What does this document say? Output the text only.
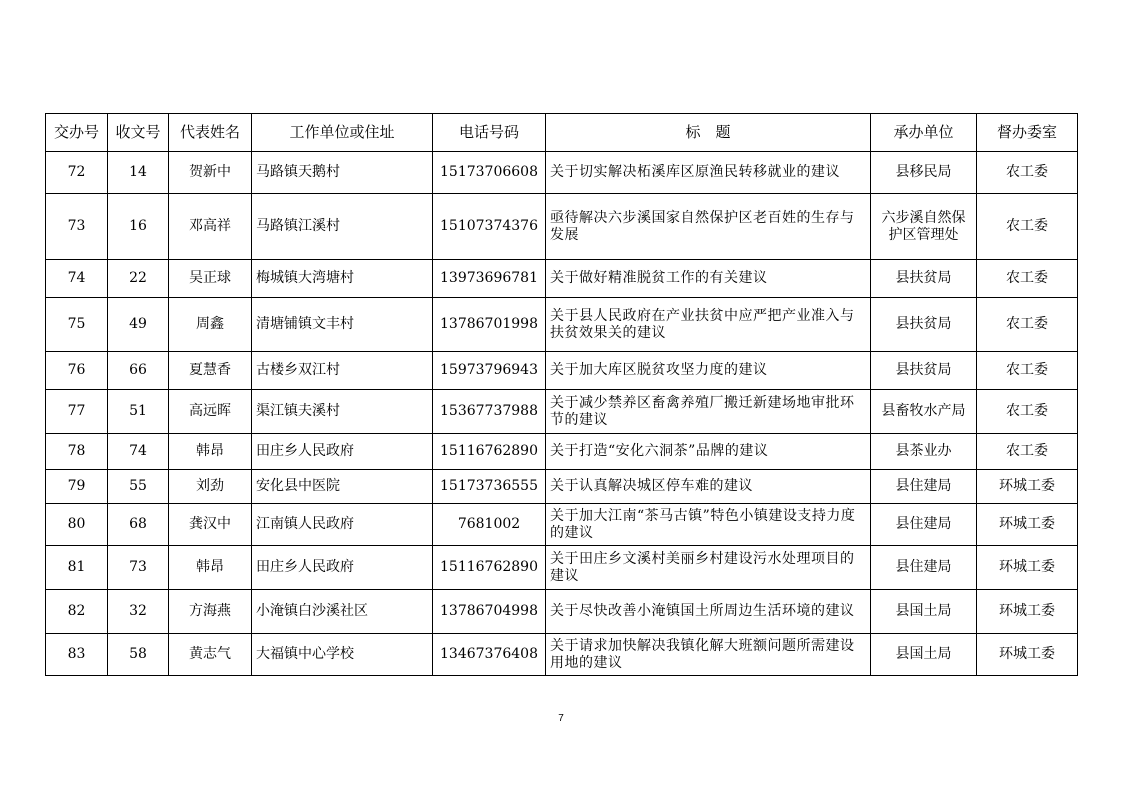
交办号	收文号	代表姓名	工作单位或住址	电话号码	标　题	承办单位	督办委室
72	14	贺新中	马路镇天鹅村	15173706608	关于切实解决柘溪库区原渔民转移就业的建议	县移民局	农工委
73	16	邓高祥	马路镇江溪村	15107374376	亟待解决六步溪国家自然保护区老百姓的生存与发展	六步溪自然保护区管理处	农工委
74	22	吴正球	梅城镇大湾塘村	13973696781	关于做好精准脱贫工作的有关建议	县扶贫局	农工委
75	49	周鑫	清塘铺镇文丰村	13786701998	关于县人民政府在产业扶贫中应严把产业准入与扶贫效果关的建议	县扶贫局	农工委
76	66	夏慧香	古楼乡双江村	15973796943	关于加大库区脱贫攻坚力度的建议	县扶贫局	农工委
77	51	高远晖	渠江镇夫溪村	15367737988	关于减少禁养区畜禽养殖厂搬迁新建场地审批环节的建议	县畜牧水产局	农工委
78	74	韩昂	田庄乡人民政府	15116762890	关于打造“安化六洞茶”品牌的建议	县茶业办	农工委
79	55	刘劲	安化县中医院	15173736555	关于认真解决城区停车难的建议	县住建局	环城工委
80	68	龚汉中	江南镇人民政府	7681002	关于加大江南“茶马古镇”特色小镇建设支持力度的建议	县住建局	环城工委
81	73	韩昂	田庄乡人民政府	15116762890	关于田庄乡文溪村美丽乡村建设污水处理项目的建议	县住建局	环城工委
82	32	方海燕	小淹镇白沙溪社区	13786704998	关于尽快改善小淹镇国土所周边生活环境的建议	县国土局	环城工委
83	58	黄志气	大福镇中心学校	13467376408	关于请求加快解决我镇化解大班额问题所需建设用地的建议	县国土局	环城工委
7
